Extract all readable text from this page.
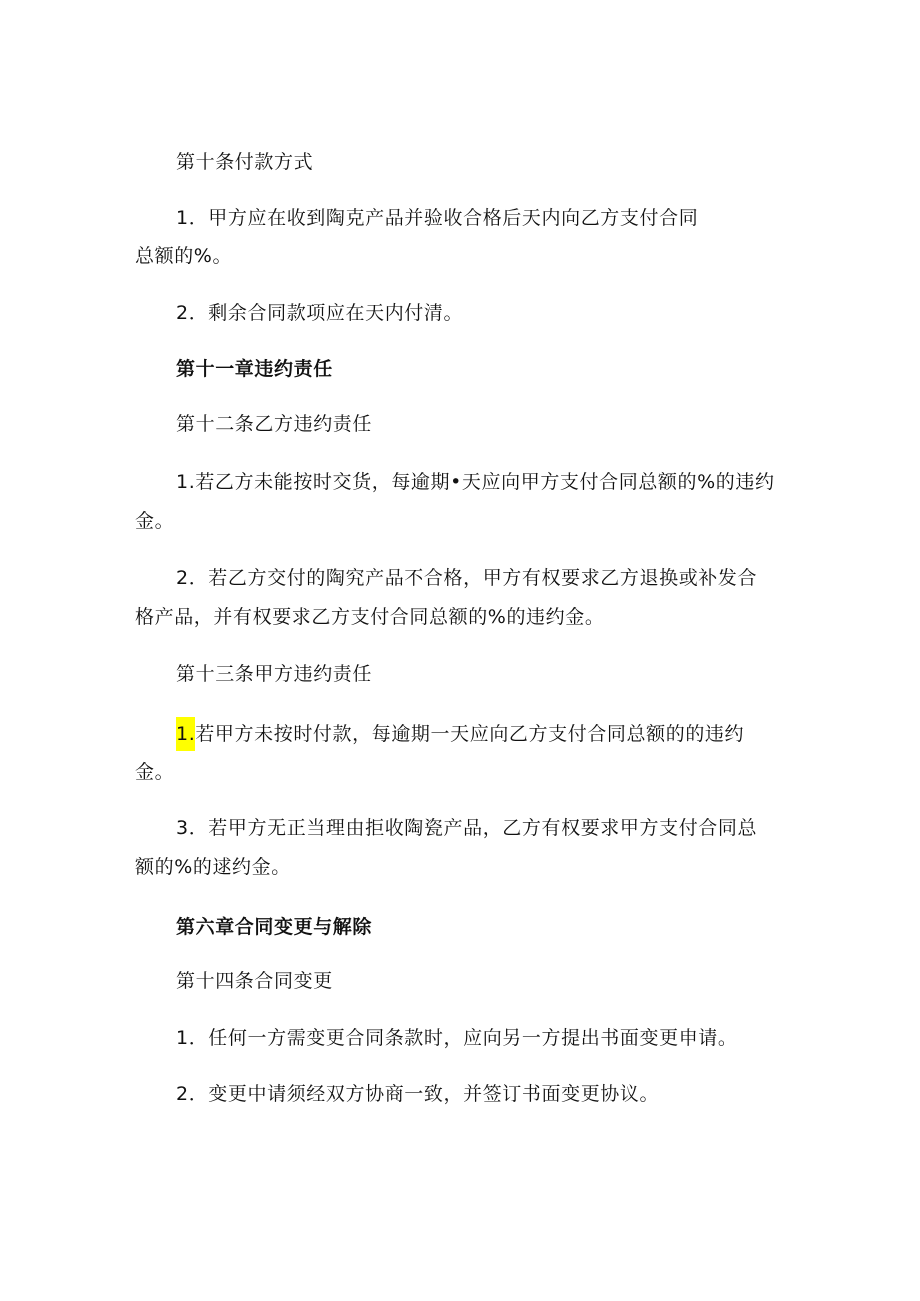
第十条付款方式
1．甲方应在收到陶克产品并验收合格后天内向乙方支付合同
总额的%。
2．剩余合同款项应在天内付清。
第十一章违约责任
第十二条乙方违约责任
1.若乙方未能按时交货，每逾期•天应向甲方支付合同总额的%的违约
金。
2．若乙方交付的陶究产品不合格，甲方有权要求乙方退换或补发合
格产品，并有权要求乙方支付合同总额的%的违约金。
第十三条甲方违约责任
1.若甲方未按时付款，每逾期一天应向乙方支付合同总额的的违约
金。
3．若甲方无正当理由拒收陶瓷产品，乙方有权要求甲方支付合同总
额的%的逑约金。
第六章合同变更与解除
第十四条合同变更
1．任何一方需变更合同条款时，应向另一方提出书面变更申请。
2．变更中请须经双方协商一致，并签订书面变更协议。
